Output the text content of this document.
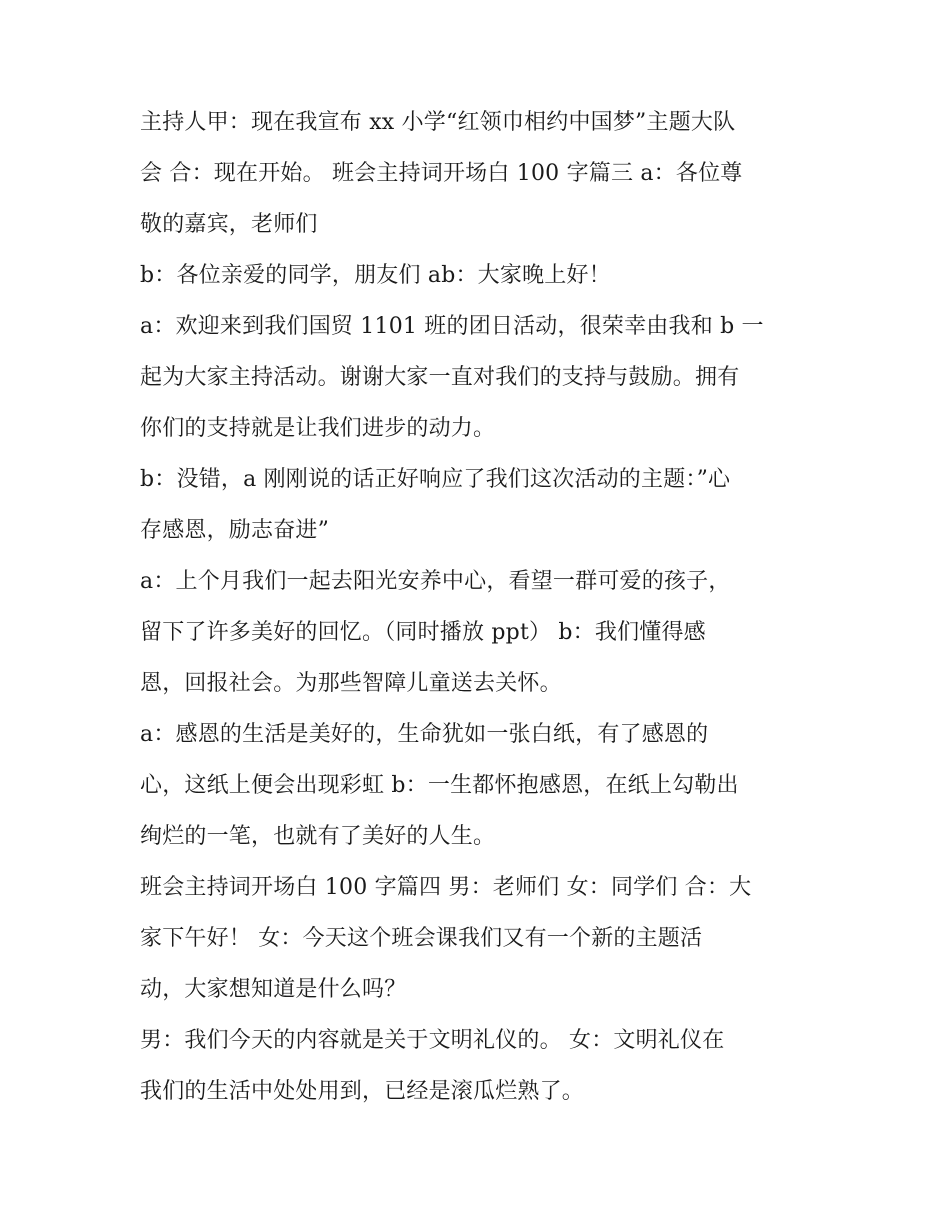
主持人甲：现在我宣布 xx 小学“红领巾相约中国梦”主题大队
会 合：现在开始。 班会主持词开场白 100 字篇三 a：各位尊
敬的嘉宾，老师们
b：各位亲爱的同学，朋友们 ab：大家晚上好！
a：欢迎来到我们国贸 1101 班的团日活动，很荣幸由我和 b 一
起为大家主持活动。谢谢大家一直对我们的支持与鼓励。拥有
你们的支持就是让我们进步的动力。
b：没错，a 刚刚说的话正好响应了我们这次活动的主题：”心
存感恩，励志奋进”
a：上个月我们一起去阳光安养中心，看望一群可爱的孩子，
留下了许多美好的回忆。（同时播放 ppt） b：我们懂得感
恩，回报社会。为那些智障儿童送去关怀。
a：感恩的生活是美好的，生命犹如一张白纸，有了感恩的
心，这纸上便会出现彩虹 b：一生都怀抱感恩，在纸上勾勒出
绚烂的一笔，也就有了美好的人生。
班会主持词开场白 100 字篇四 男：老师们 女：同学们 合：大
家下午好！ 女：今天这个班会课我们又有一个新的主题活
动，大家想知道是什么吗？
男：我们今天的内容就是关于文明礼仪的。 女：文明礼仪在
我们的生活中处处用到，已经是滚瓜烂熟了。
